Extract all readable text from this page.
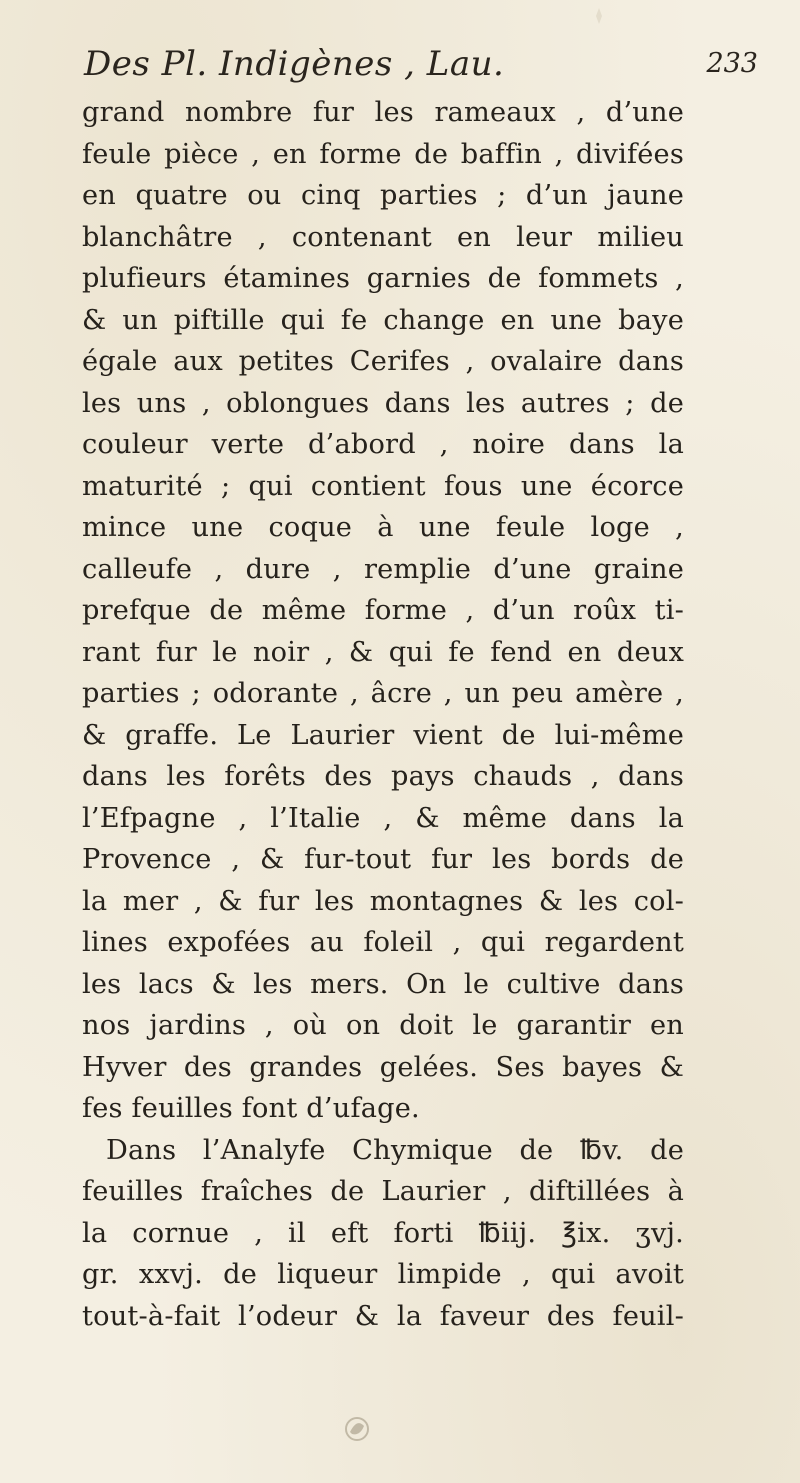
Des Pl. Indigènes , Lau.	233
grand nombre fur les rameaux , d’une
feule pièce , en forme de baffin , divifées
en quatre ou cinq parties ; d’un jaune
blanchâtre , contenant en leur milieu
plufieurs étamines garnies de fommets ,
& un piftille qui fe change en une baye
égale aux petites Cerifes , ovalaire dans
les uns , oblongues dans les autres ; de
couleur verte d’abord , noire dans la
maturité ; qui contient fous une écorce
mince une coque à une feule loge ,
calleufe , dure , remplie d’une graine
prefque de même forme , d’un roûx ti-
rant fur le noir , & qui fe fend en deux
parties ; odorante , âcre , un peu amère ,
& graffe. Le Laurier vient de lui-même
dans les forêts des pays chauds , dans
l’Efpagne , l’Italie , & même dans la
Provence , & fur-tout fur les bords de
la mer , & fur les montagnes & les col-
lines expofées au foleil , qui regardent
les lacs & les mers. On le cultive dans
nos jardins , où on doit le garantir en
Hyver des grandes gelées. Ses bayes &
fes feuilles font d’ufage.
Dans l’Analyfe Chymique de ℔v. de
feuilles fraîches de Laurier , diftillées à
la cornue , il eft forti ℔iij. ℥ix. ʒvj.
gr. xxvj. de liqueur limpide , qui avoit
tout-à-fait l’odeur & la faveur des feuil-
